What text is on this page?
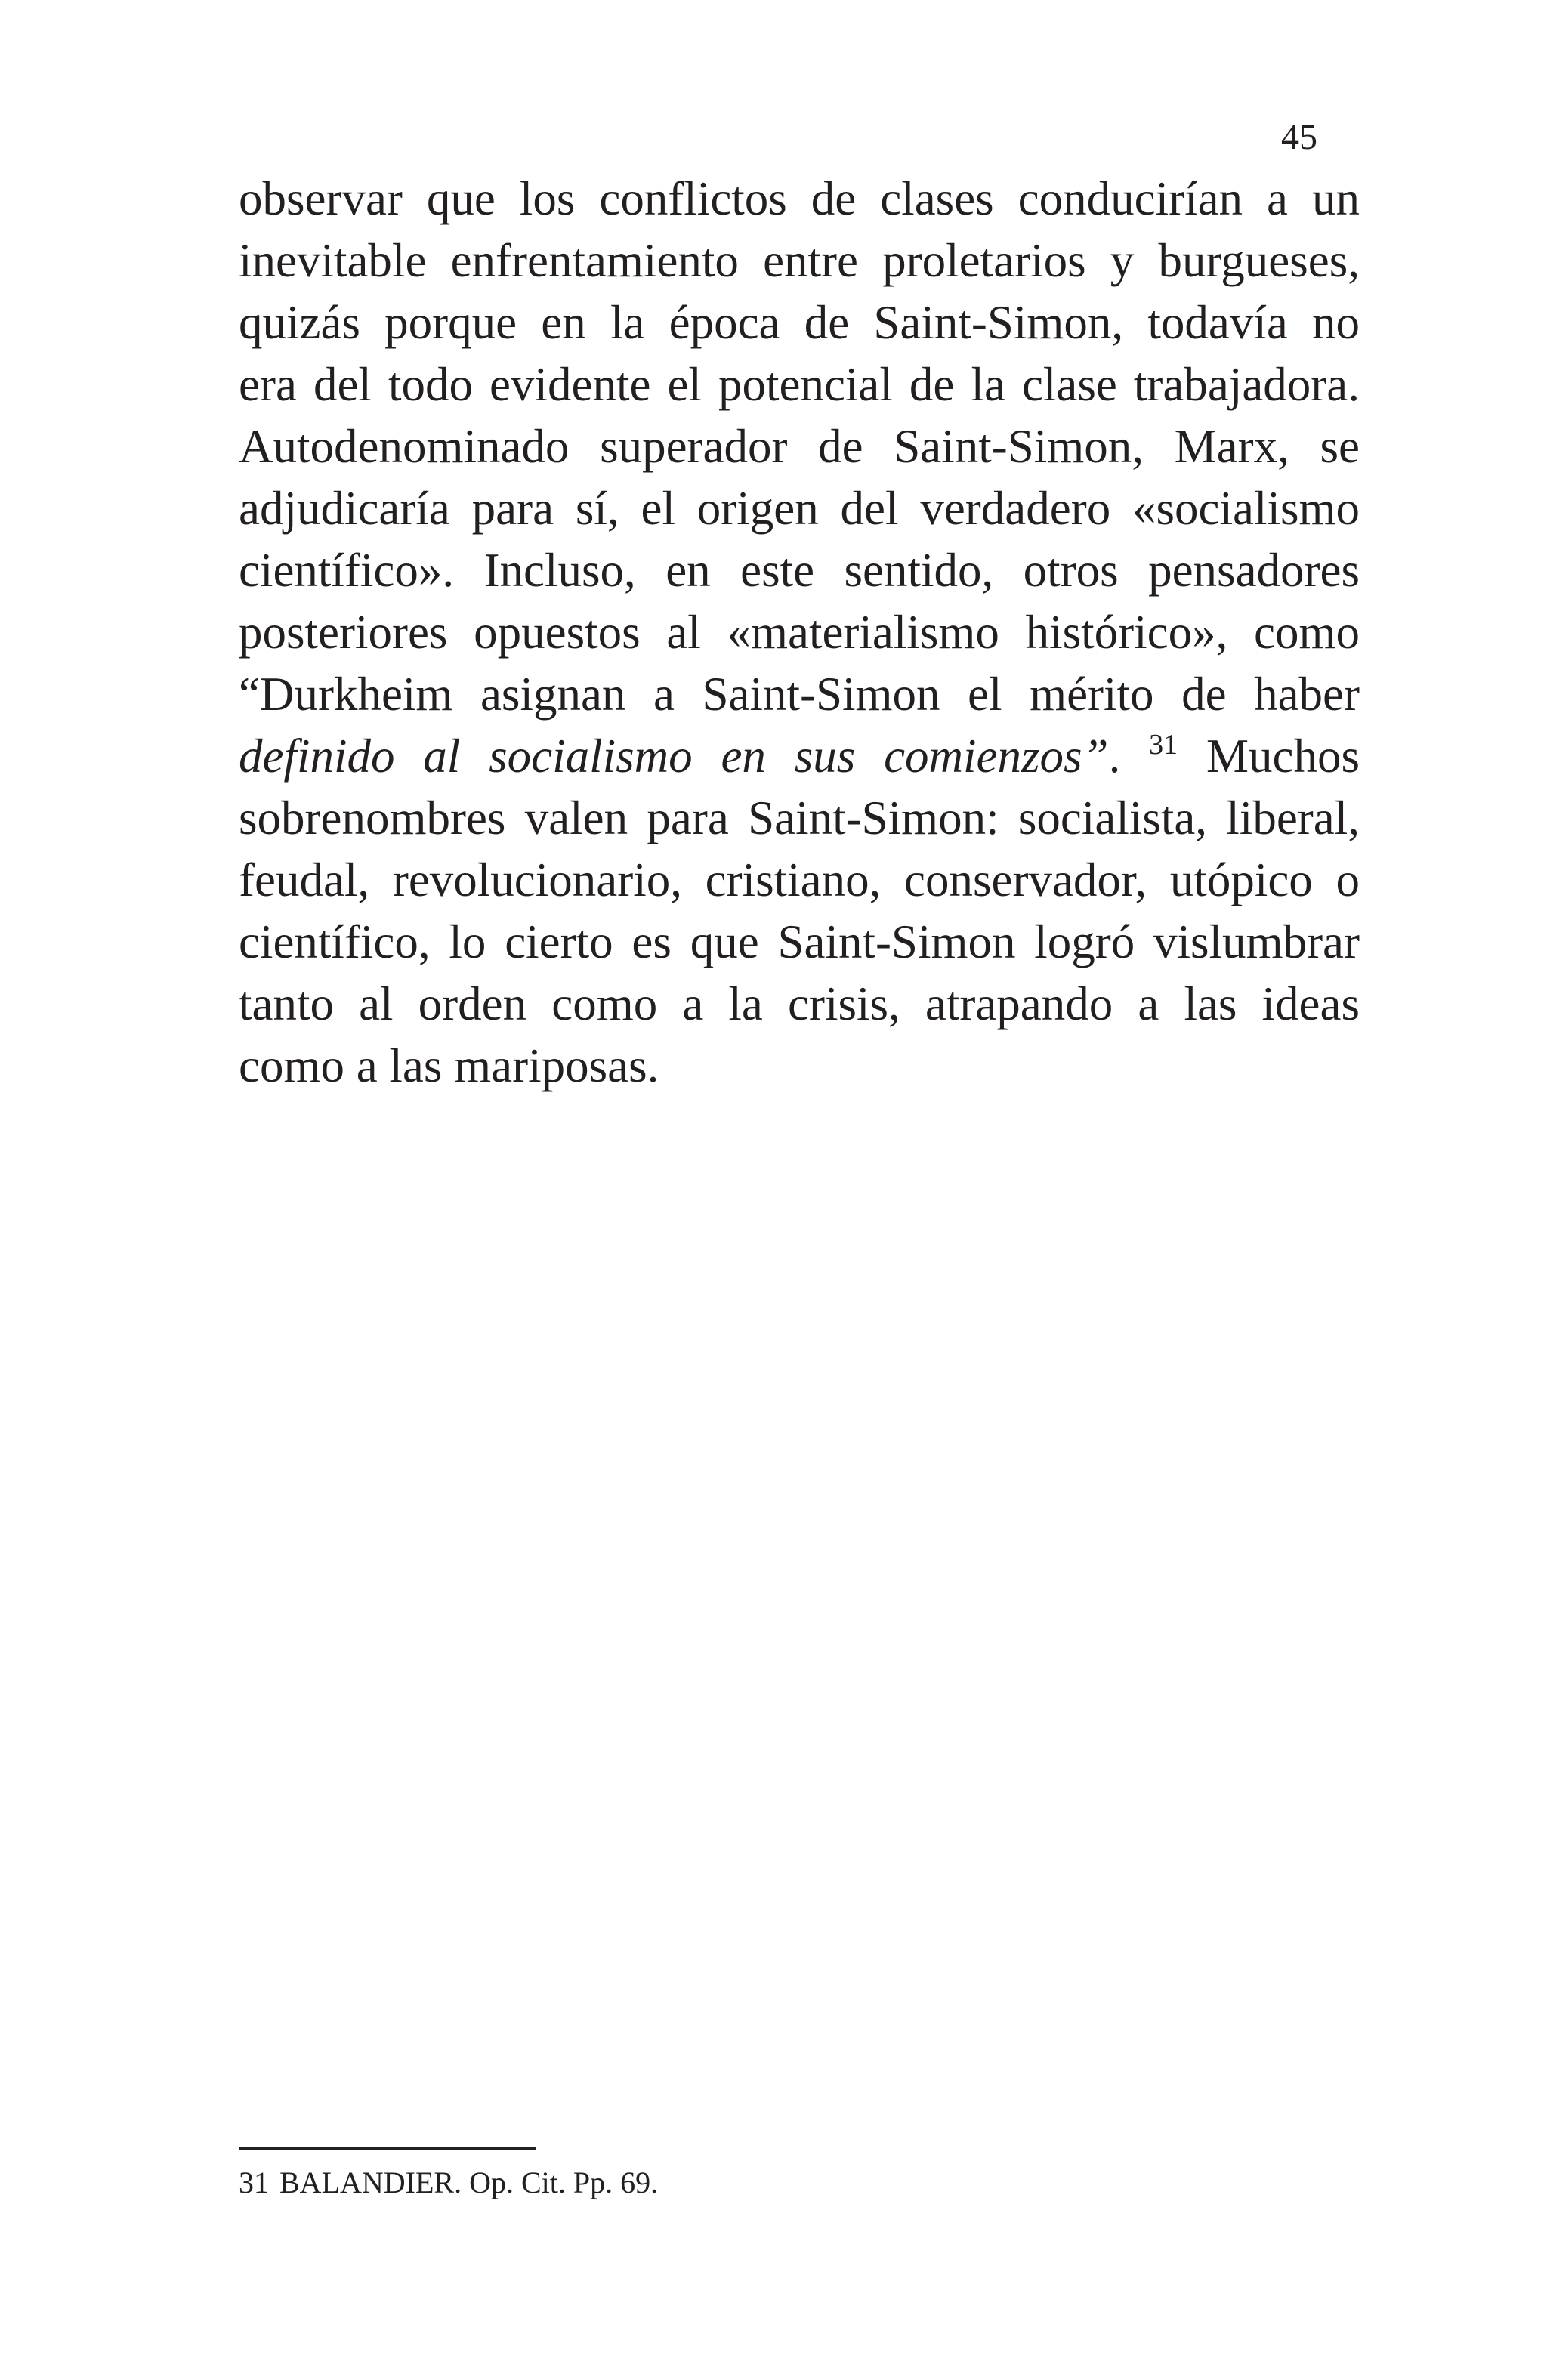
45
observar que los conflictos de clases conducirían a un
inevitable enfrentamiento entre proletarios y burgueses,
quizás porque en la época de Saint-Simon, todavía no
era del todo evidente el potencial de la clase trabajadora.
Autodenominado superador de Saint-Simon, Marx, se
adjudicaría para sí, el origen del verdadero «socialismo
científico». Incluso, en este sentido, otros pensadores
posteriores opuestos al «materialismo histórico», como
“Durkheim asignan a Saint-Simon el mérito de haber
definido al socialismo en sus comienzos”. $^{31}$ Muchos
sobrenombres valen para Saint-Simon: socialista, liberal,
feudal, revolucionario, cristiano, conservador, utópico o
científico, lo cierto es que Saint-Simon logró vislumbrar
tanto al orden como a la crisis, atrapando a las ideas
como a las mariposas.
31 BALANDIER. Op. Cit. Pp. 69.
